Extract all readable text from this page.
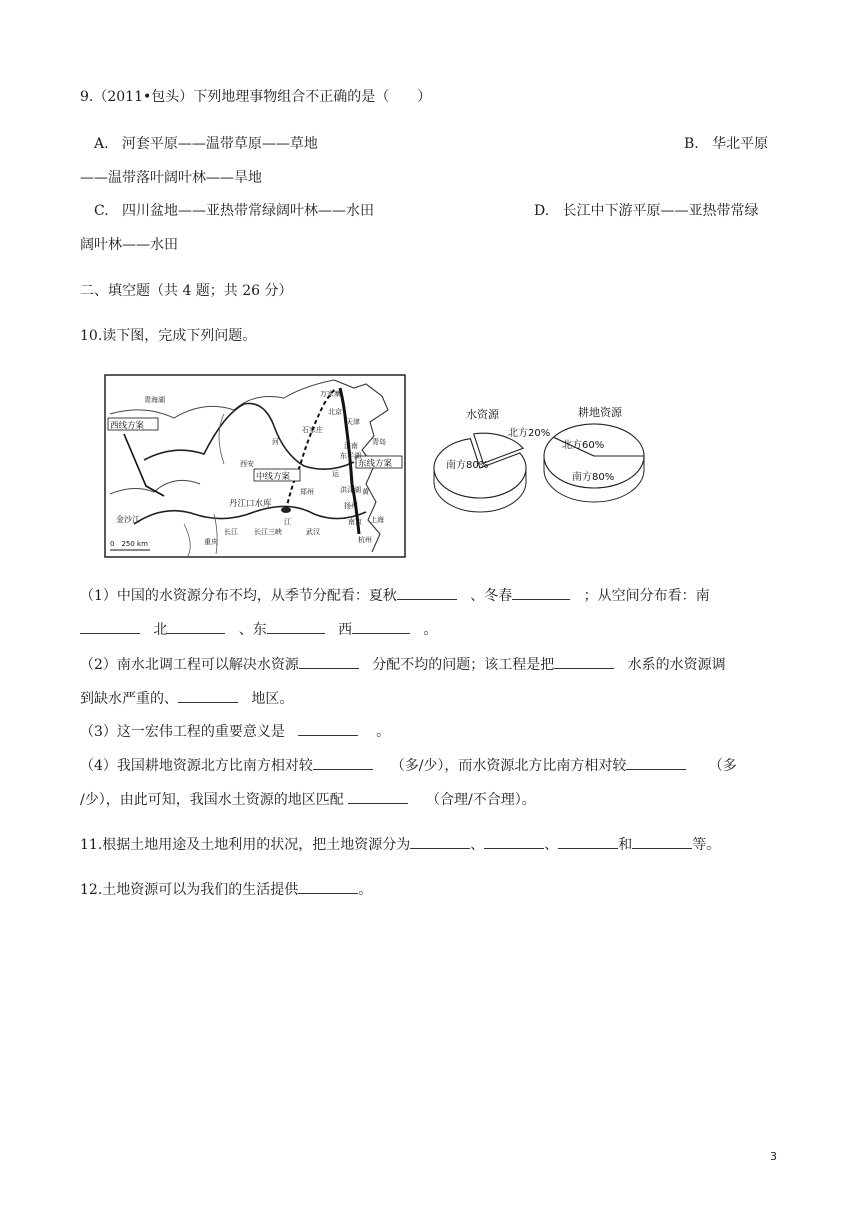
9.（2011•包头）下列地理事物组合不正确的是（　　）
A. 河套平原——温带草原——草地	B. 华北平原
——温带落叶阔叶林——旱地
C. 四川盆地——亚热带常绿阔叶林——水田	D. 长江中下游平原——亚热带常绿
阔叶林——水田
二、填空题（共 4 题；共 26 分）
10.读下图，完成下列问题。
西线方案
中线方案
东线方案
丹江口水库
金沙江
青海湖
西安
郑州
万家寨
北京
天津
石家庄
济南
东平湖
青岛
洪泽湖
扬州
南京 上海
杭州
武汉
长江 长江三峡
重庆
河
黄
江
运
0　250 km
水资源	耕地资源
南方80%
北方20%
北方60%
南方80%
（1）中国的水资源分布不均，从季节分配看：夏秋	、冬春	；从空间分布看：南
北	、东	西	。
（2）南水北调工程可以解决水资源	分配不均的问题；该工程是把	水系的水资源调
到缺水严重的、	地区。
（3）这一宏伟工程的重要意义是	。
（4）我国耕地资源北方比南方相对较	（多/少），而水资源北方比南方相对较	（多
/少），由此可知，我国水土资源的地区匹配	（合理/不合理）。
11.根据土地用途及土地利用的状况，把土地资源分为	、	、	和	等。
12.土地资源可以为我们的生活提供	。
3
